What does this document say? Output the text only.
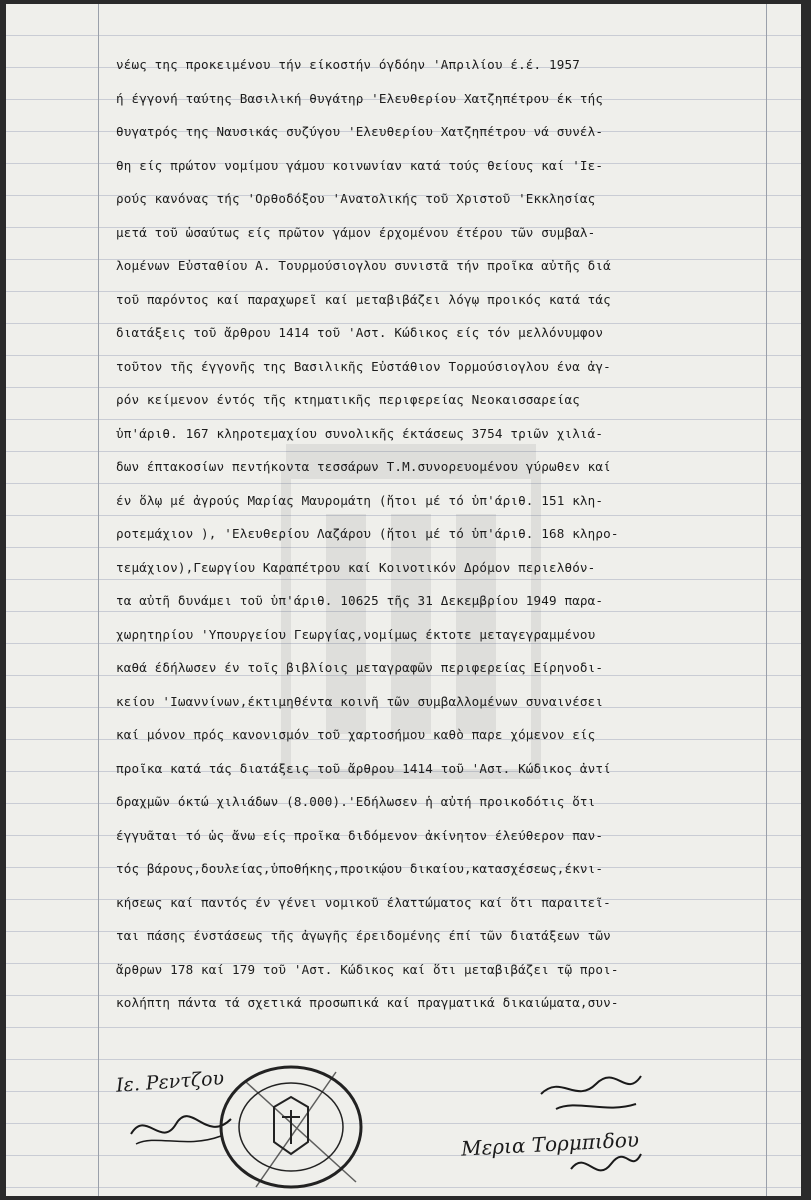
νέως της προκειμένου τήν είκοστήν όγδόην 'Απριλίου έ.έ. 1957
ή έγγονή ταύτης Βασιλική θυγάτηρ 'Ελευθερίου Χατζηπέτρου έκ τής
θυγατρός της Ναυσικάς συζύγου 'Ελευθερίου Χατζηπέτρου νά συνέλ-
θη είς πρώτον νομίμου γάμου κοινωνίαν κατά τούς θείους καί 'Ιε-
ρούς κανόνας τής 'Ορθοδόξου 'Ανατολικής τοῦ Χριστοῦ 'Εκκλησίας
μετά τοῦ ὡσαύτως είς πρῶτον γάμον έρχομένου έτέρου τῶν συμβαλ-
λομένων Εὐσταθίου Α. Τουρμούσιογλου συνιστᾶ τήν προῖκα αὐτῆς διά
τοῦ παρόντος καί παραχωρεῖ καί μεταβιβάζει λόγῳ προικός κατά τάς
διατάξεις τοῦ ἄρθρου 1414 τοῦ 'Αστ. Κώδικος είς τόν μελλόνυμφον
τοῦτον τῆς έγγονῆς της Βασιλικῆς Εὐστάθιον Τορμούσιογλου ένα ἀγ-
ρόν κείμενον έντός τῆς κτηματικῆς περιφερείας Νεοκαισσαρείας
ὑπ'άριθ. 167 κληροτεμαχίου συνολικῆς έκτάσεως 3754 τριῶν χιλιά-
δων έπτακοσίων πεντήκοντα τεσσάρων Τ.Μ.συνορευομένου γύρωθεν καί
έν ὅλῳ μέ ἀγρούς Μαρίας Μαυρομάτη (ἤτοι μέ τό ὑπ'άριθ. 151 κλη-
ροτεμάχιον ), 'Ελευθερίου Λαζάρου (ἤτοι μέ τό ὑπ'άριθ. 168 κληρο-
τεμάχιον),Γεωργίου Καραπέτρου καί Κοινοτικόν Δρόμον περιελθόν-
τα αὐτῆ δυνάμει τοῦ ὑπ'άριθ. 10625 τῆς 31 Δεκεμβρίου 1949 παρα-
χωρητηρίου 'Υπουργείου Γεωργίας,νομίμως έκτοτε μεταγεγραμμένου
καθά έδήλωσεν έν τοῖς βιβλίοις μεταγραφῶν περιφερείας Είρηνοδι-
κείου 'Ιωαννίνων,έκτιμηθέντα κοινῆ τῶν συμβαλλομένων συναινέσει
καί μόνον πρός κανονισμόν τοῦ χαρτοσήμου καθὸ παρε χόμενον είς
προῖκα κατά τάς διατάξεις τοῦ ἄρθρου 1414 τοῦ 'Αστ. Κώδικος ἀντί
δραχμῶν όκτώ χιλιάδων (8.000).'Εδήλωσεν ἡ αὐτή προικοδότις ὅτι
έγγυᾶται τό ὡς ἄνω είς προῖκα διδόμενον ἀκίνητον έλεύθερον παν-
τός βάρους,δουλείας,ὑποθήκης,προικῴου δικαίου,κατασχέσεως,έκνι-
κήσεως καί παντός έν γένει νομικοῦ έλαττώματος καί ὅτι παραιτεῖ-
ται πάσης ένστάσεως τῆς ἀγωγῆς έρειδομένης έπί τῶν διατάξεων τῶν
ἄρθρων 178 καί 179 τοῦ 'Αστ. Κώδικος καί ὅτι μεταβιβάζει τῷ προι-
κολήπτη πάντα τά σχετικά προσωπικά καί πραγματικά δικαιώματα,συν-
Ιε. Ρεντζου
Μερια Τορμπιδου
